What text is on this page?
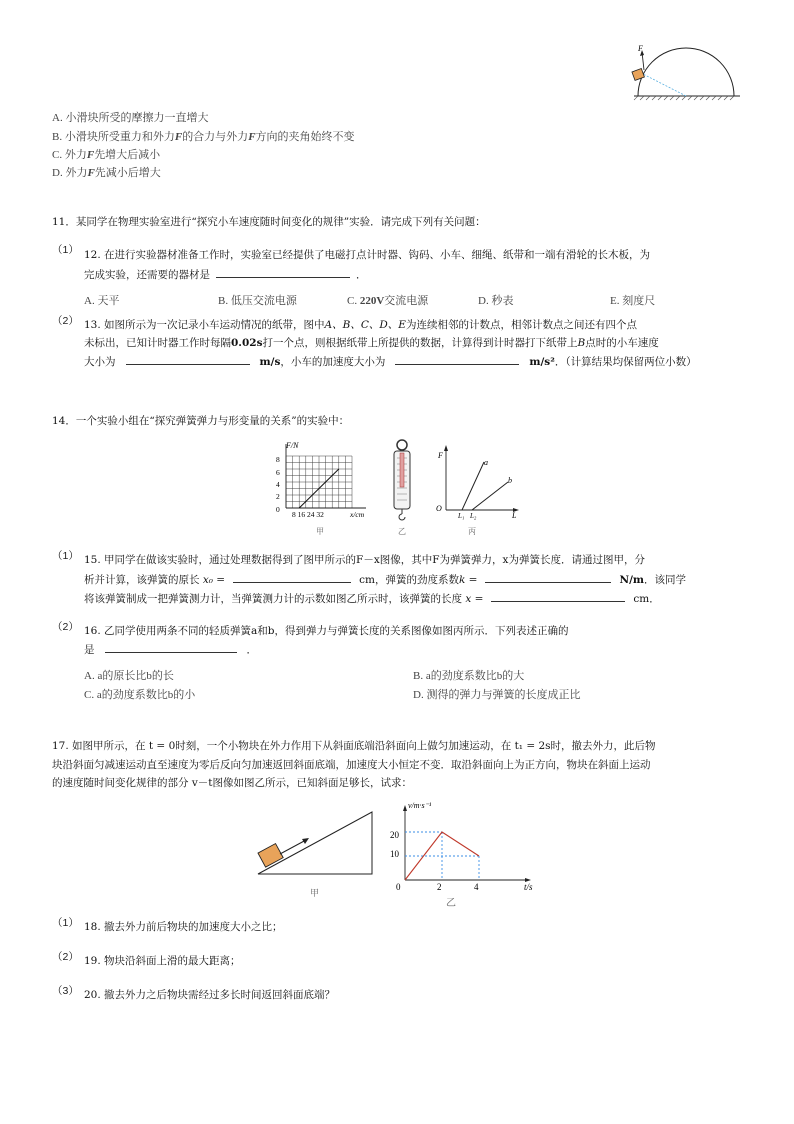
F
A. 小滑块所受的摩擦力一直增大
B. 小滑块所受重力和外力F的合力与外力F方向的夹角始终不变
C. 外力F先增大后减小
D. 外力F先减小后增大
11．某同学在物理实验室进行“探究小车速度随时间变化的规律”实验．请完成下列有关问题：
（1） 12. 在进行实验器材准备工作时，实验室已经提供了电磁打点计时器、钩码、小车、细绳、纸带和一端有滑轮的长木板，为
完成实验，还需要的器材是	．
A. 天平	B. 低压交流电源	C. 220V交流电源	D. 秒表	E. 刻度尺
（2） 13. 如图所示为一次记录小车运动情况的纸带，图中A、B、C、D、E为连续相邻的计数点，相邻计数点之间还有四个点
未标出，已知计时器工作时每隔0.02s打一个点，则根据纸带上所提供的数据，计算得到计时器打下纸带上B点时的小车速度
大小为	m/s，小车的加速度大小为	m/s²．（计算结果均保留两位小数）
14．一个实验小组在“探究弹簧弹力与形变量的关系”的实验中：
F/N
8
6
4
2
0
8 16 24 32	x/cm
甲	乙
F
a
b
O
L₁ L₂	L
丙
（1） 15. 甲同学在做该实验时，通过处理数据得到了图甲所示的F－x图像，其中F为弹簧弹力，x为弹簧长度．请通过图甲，分
析并计算，该弹簧的原长 x₀ =	cm，弹簧的劲度系数k =	N/m．该同学
将该弹簧制成一把弹簧测力计，当弹簧测力计的示数如图乙所示时，该弹簧的长度 x =	cm．
（2） 16. 乙同学使用两条不同的轻质弹簧a和b，得到弹力与弹簧长度的关系图像如图丙所示．下列表述正确的
是	．
A. a的原长比b的长	B. a的劲度系数比b的大
C. a的劲度系数比b的小	D. 测得的弹力与弹簧的长度成正比
17. 如图甲所示，在 t = 0时刻，一个小物块在外力作用下从斜面底端沿斜面向上做匀加速运动，在 t₁ = 2s时，撤去外力，此后物
块沿斜面匀减速运动直至速度为零后反向匀加速返回斜面底端，加速度大小恒定不变．取沿斜面向上为正方向，物块在斜面上运动
的速度随时间变化规律的部分 v－t图像如图乙所示，已知斜面足够长，试求：
甲
v/m·s⁻¹
20
10
0	2	4	t/s
乙
（1） 18. 撤去外力前后物块的加速度大小之比；
（2） 19. 物块沿斜面上滑的最大距离；
（3） 20. 撤去外力之后物块需经过多长时间返回斜面底端？
